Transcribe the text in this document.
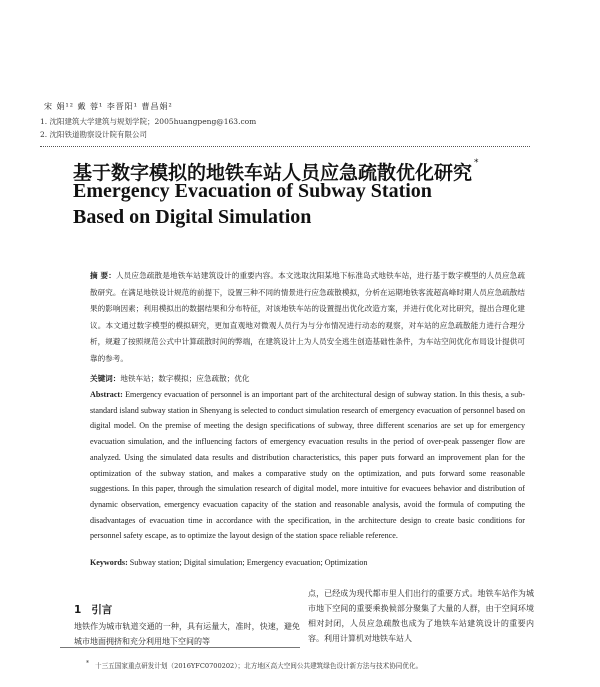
宋 娟¹² 戴 蓉¹ 李晋阳¹ 曹昌娟²
1. 沈阳建筑大学建筑与规划学院；2005huangpeng@163.com
2. 沈阳铁道勘察设计院有限公司
基于数字模拟的地铁车站人员应急疏散优化研究 *
Emergency Evacuation of Subway Station
Based on Digital Simulation
摘 要：人员应急疏散是地铁车站建筑设计的重要内容。本文选取沈阳某地下标准岛式地铁车站，进行基于数字模型的人员应急疏散研究。在满足地铁设计规范的前提下，设置三种不同的情景进行应急疏散模拟，分析在运期地铁客流超高峰时期人员应急疏散结果的影响因素；利用模拟出的数据结果和分布特征，对该地铁车站的设置提出优化改造方案，并进行优化对比研究，提出合理化建议。本文通过数字模型的模拟研究，更加直观地对微观人员行为与分布情况进行动态的观察，对车站的应急疏散能力进行合理分析，规避了按照规范公式中计算疏散时间的弊端，在建筑设计上为人员安全逃生创造基础性条件，为车站空间优化布局设计提供可靠的参考。
关键词：地铁车站；数字模拟；应急疏散；优化
Abstract: Emergency evacuation of personnel is an important part of the architectural design of subway station. In this thesis, a sub-standard island subway station in Shenyang is selected to conduct simulation research of emergency evacuation of personnel based on digital model. On the premise of meeting the design specifications of subway, three different scenarios are set up for emergency evacuation simulation, and the influencing factors of emergency evacuation results in the period of over-peak passenger flow are analyzed. Using the simulated data results and distribution characteristics, this paper puts forward an improvement plan for the optimization of the subway station, and makes a comparative study on the optimization, and puts forward some reasonable suggestions. In this paper, through the simulation research of digital model, more intuitive for evacuees behavior and distribution of dynamic observation, emergency evacuation capacity of the station and reasonable analysis, avoid the formula of computing the disadvantages of evacuation time in accordance with the specification, in the architecture design to create basic conditions for personnel safety escape, as to optimize the layout design of the station space reliable reference.
Keywords: Subway station; Digital simulation; Emergency evacuation; Optimization
1 引言
地铁作为城市轨道交通的一种，具有运量大，准时，快速，避免城市地面拥挤和充分利用地下空间的等
点，已经成为现代都市里人们出行的重要方式。地铁车站作为城市地下空间的重要乘换候部分聚集了大量的人群，由于空间环境相对封闭，人员应急疏散也成为了地铁车站建筑设计的重要内容。利用计算机对地铁车站人
* 十三五国家重点研发计划（2016YFC0700202）；北方地区高大空间公共建筑绿色设计新方法与技术协同优化。
